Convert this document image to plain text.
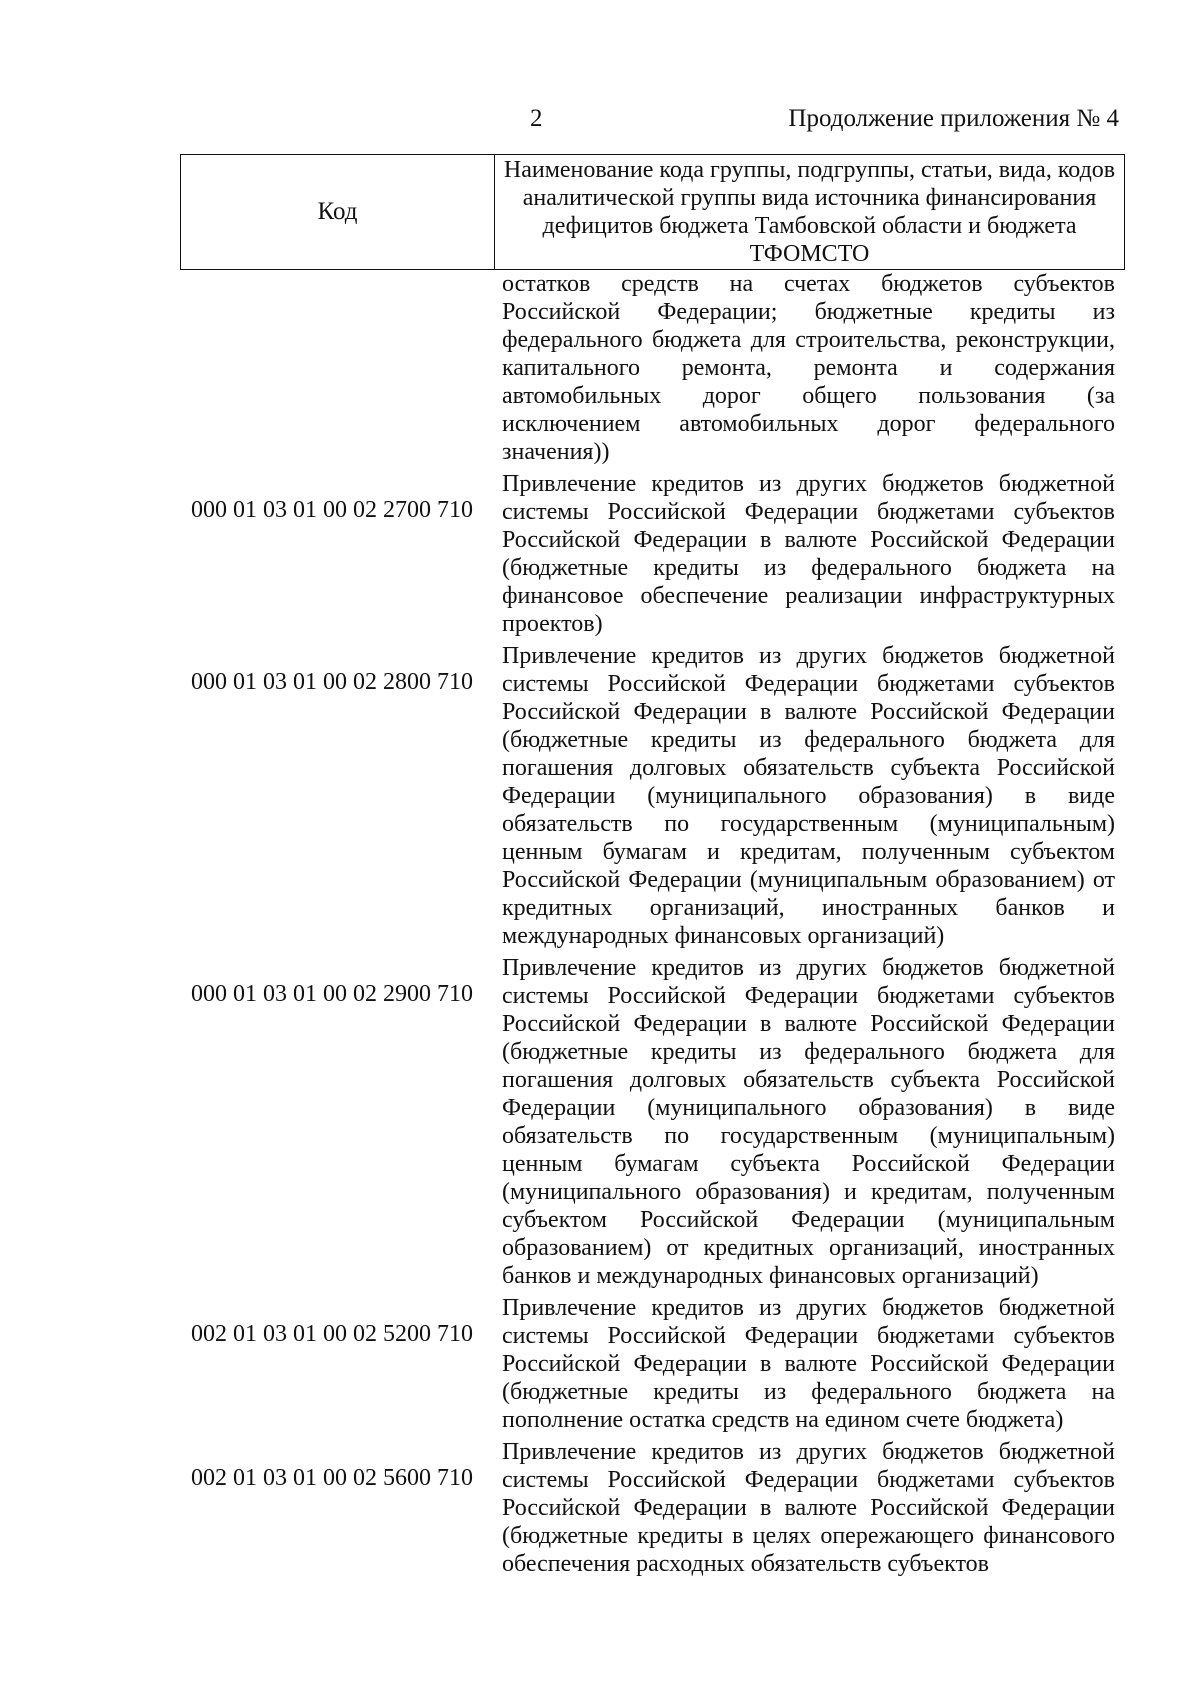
2	Продолжение приложения № 4
Код
Наименование кода группы, подгруппы, статьи, вида, кодов аналитической группы вида источника финансирования дефицитов бюджета Тамбовской области и бюджета ТФОМСТО
остатков средств на счетах бюджетов субъектов Российской Федерации; бюджетные кредиты из федерального бюджета для строительства, реконструкции, капитального ремонта, ремонта и содержания автомобильных дорог общего пользования (за исключением автомобильных дорог федерального значения))
000 01 03 01 00 02 2700 710
Привлечение кредитов из других бюджетов бюджетной системы Российской Федерации бюджетами субъектов Российской Федерации в валюте Российской Федерации (бюджетные кредиты из федерального бюджета на финансовое обеспечение реализации инфраструктурных проектов)
000 01 03 01 00 02 2800 710
Привлечение кредитов из других бюджетов бюджетной системы Российской Федерации бюджетами субъектов Российской Федерации в валюте Российской Федерации (бюджетные кредиты из федерального бюджета для погашения долговых обязательств субъекта Российской Федерации (муниципального образования) в виде обязательств по государственным (муниципальным) ценным бумагам и кредитам, полученным субъектом Российской Федерации (муниципальным образованием) от кредитных организаций, иностранных банков и международных финансовых организаций)
000 01 03 01 00 02 2900 710
Привлечение кредитов из других бюджетов бюджетной системы Российской Федерации бюджетами субъектов Российской Федерации в валюте Российской Федерации (бюджетные кредиты из федерального бюджета для погашения долговых обязательств субъекта Российской Федерации (муниципального образования) в виде обязательств по государственным (муниципальным) ценным бумагам субъекта Российской Федерации (муниципального образования) и кредитам, полученным субъектом Российской Федерации (муниципальным образованием) от кредитных организаций, иностранных банков и международных финансовых организаций)
002 01 03 01 00 02 5200 710
Привлечение кредитов из других бюджетов бюджетной системы Российской Федерации бюджетами субъектов Российской Федерации в валюте Российской Федерации (бюджетные кредиты из федерального бюджета на пополнение остатка средств на едином счете бюджета)
002 01 03 01 00 02 5600 710
Привлечение кредитов из других бюджетов бюджетной системы Российской Федерации бюджетами субъектов Российской Федерации в валюте Российской Федерации (бюджетные кредиты в целях опережающего финансового обеспечения расходных обязательств субъектов
